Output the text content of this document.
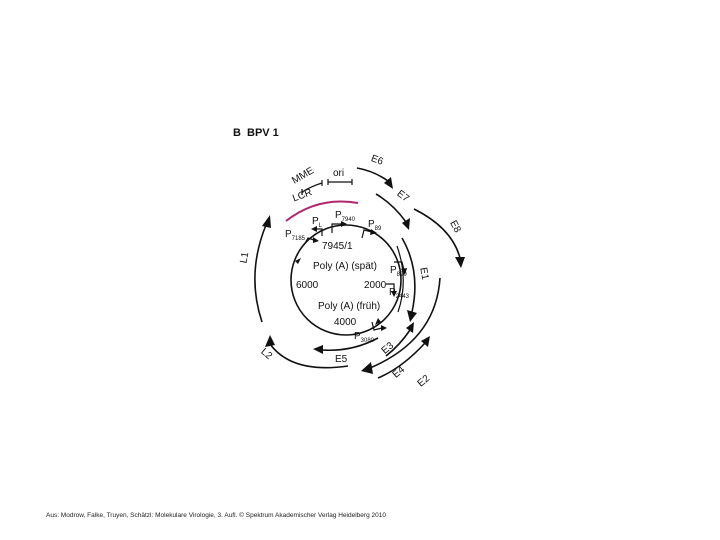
B BPV 1
7945/1
6000	2000
4000
Poly (A) (spät)
Poly (A) (früh)
LCR
MME ori
E6
E7
E8
E1
E2
E3
E4
E5
L2
L1
$P_L$
$P_{7940}$ $P_{89}$
$P_{7185}$
$P_{890}$
$P_{2443}$
$P_{3080}$
Aus: Modrow, Falke, Truyen, Schätzl: Molekulare Virologie, 3. Aufl. © Spektrum Akademischer Verlag Heidelberg 2010
